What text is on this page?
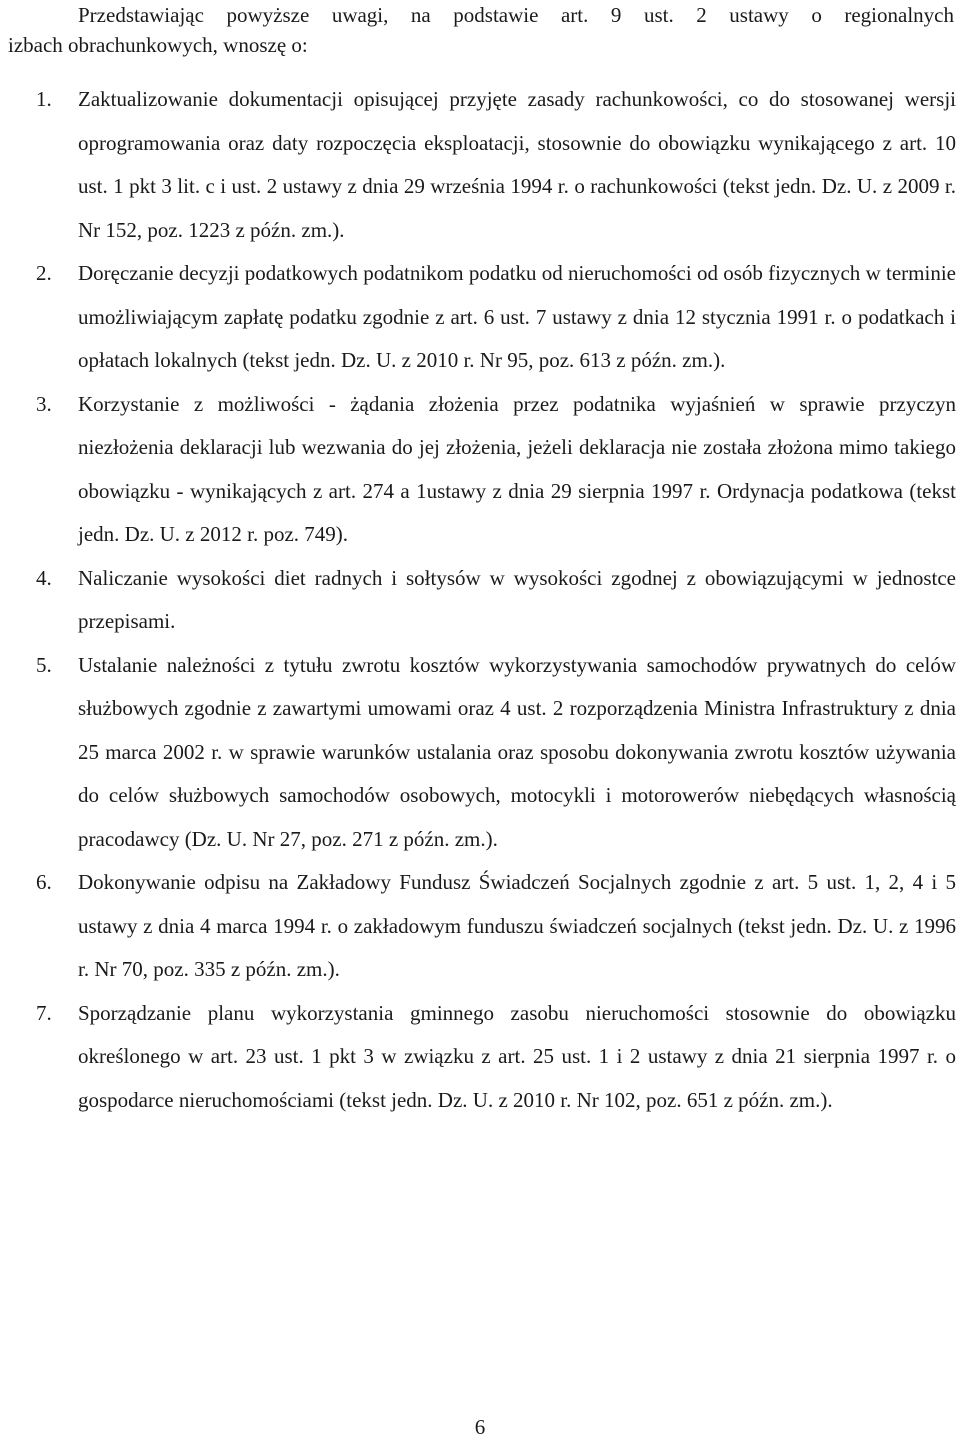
Przedstawiając powyższe uwagi, na podstawie art. 9 ust. 2 ustawy o regionalnych
izbach obrachunkowych, wnoszę o:
1.	Zaktualizowanie dokumentacji opisującej przyjęte zasady rachunkowości, co do stosowanej wersji oprogramowania oraz daty rozpoczęcia eksploatacji, stosownie do obowiązku wynikającego z art. 10 ust. 1 pkt 3 lit. c i ust. 2 ustawy z dnia 29 września 1994 r. o rachunkowości (tekst jedn. Dz. U. z 2009 r. Nr 152, poz. 1223 z późn. zm.).
2.	Doręczanie decyzji podatkowych podatnikom podatku od nieruchomości od osób fizycznych w terminie umożliwiającym zapłatę podatku zgodnie z art. 6 ust. 7 ustawy z dnia 12 stycznia 1991 r. o podatkach i opłatach lokalnych (tekst jedn. Dz. U. z 2010 r. Nr 95, poz. 613 z późn. zm.).
3.	Korzystanie z możliwości - żądania złożenia przez podatnika wyjaśnień w sprawie przyczyn niezłożenia deklaracji lub wezwania do jej złożenia, jeżeli deklaracja nie została złożona mimo takiego obowiązku - wynikających z art. 274 a 1ustawy z dnia 29 sierpnia 1997 r. Ordynacja podatkowa (tekst jedn. Dz. U. z 2012 r. poz. 749).
4.	Naliczanie wysokości diet radnych i sołtysów w wysokości zgodnej z obowiązującymi w jednostce przepisami.
5.	Ustalanie należności z tytułu zwrotu kosztów wykorzystywania samochodów prywatnych do celów służbowych zgodnie z zawartymi umowami oraz 4 ust. 2 rozporządzenia Ministra Infrastruktury z dnia 25 marca 2002 r. w sprawie warunków ustalania oraz sposobu dokonywania zwrotu kosztów używania do celów służbowych samochodów osobowych, motocykli i motorowerów niebędących własnością pracodawcy (Dz. U. Nr 27, poz. 271 z późn. zm.).
6.	Dokonywanie odpisu na Zakładowy Fundusz Świadczeń Socjalnych zgodnie z art. 5 ust. 1, 2, 4 i 5 ustawy z dnia 4 marca 1994 r. o zakładowym funduszu świadczeń socjalnych (tekst jedn. Dz. U. z 1996 r. Nr 70, poz. 335 z późn. zm.).
7.	Sporządzanie planu wykorzystania gminnego zasobu nieruchomości stosownie do obowiązku określonego w art. 23 ust. 1 pkt 3 w związku z art. 25 ust. 1 i 2 ustawy z dnia 21 sierpnia 1997 r. o gospodarce nieruchomościami (tekst jedn. Dz. U. z 2010 r. Nr 102, poz. 651 z późn. zm.).
6
